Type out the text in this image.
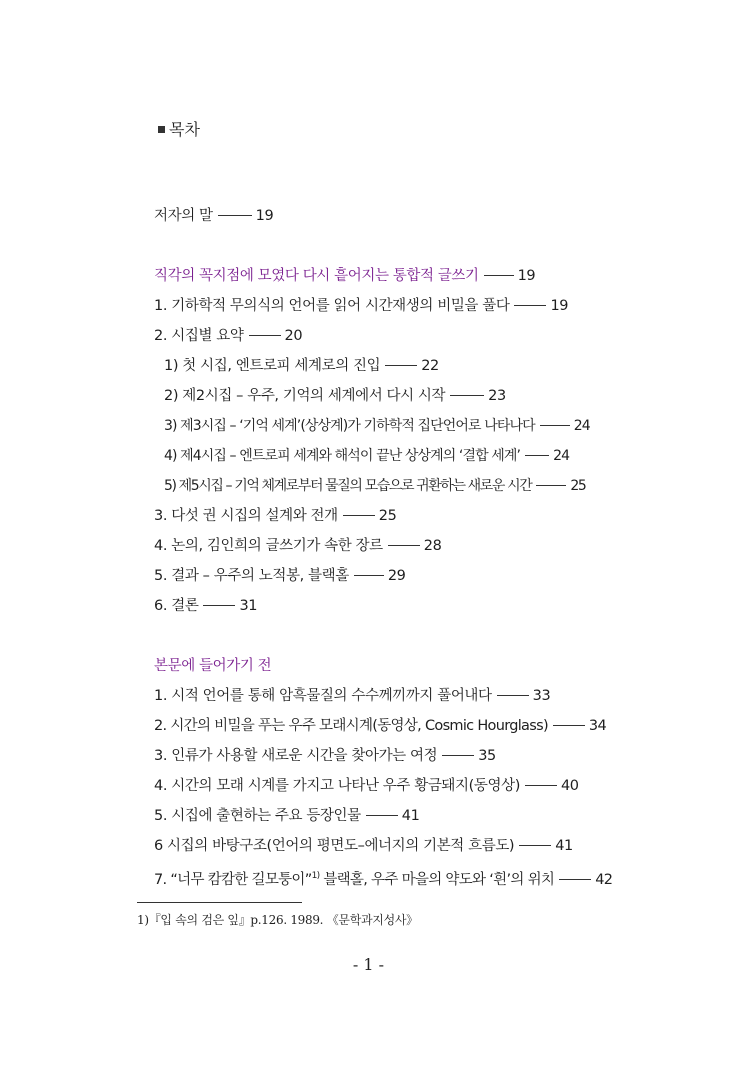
목차
저자의 말	19
직각의 꼭지점에 모였다 다시 흩어지는 통합적 글쓰기	19
1. 기하학적 무의식의 언어를 읽어 시간재생의 비밀을 풀다	19
2. 시집별 요약	20
1) 첫 시집, 엔트로피 세계로의 진입	22
2) 제2시집 – 우주, 기억의 세계에서 다시 시작	23
3) 제3시집 – ‘기억 세계’(상상계)가 기하학적 집단언어로 나타나다	24
4) 제4시집 – 엔트로피 세계와 해석이 끝난 상상계의 ‘결합 세계’ 24
5) 제5시집 – 기억 체계로부터 물질의 모습으로 귀환하는 새로운 시간	25
3. 다섯 권 시집의 설계와 전개	25
4. 논의, 김인희의 글쓰기가 속한 장르	28
5. 결과 – 우주의 노적봉, 블랙홀	29
6. 결론	31
본문에 들어가기 전
1. 시적 언어를 통해 암흑물질의 수수께끼까지 풀어내다	33
2. 시간의 비밀을 푸는 우주 모래시계(동영상, Cosmic Hourglass)	34
3. 인류가 사용할 새로운 시간을 찾아가는 여정	35
4. 시간의 모래 시계를 가지고 나타난 우주 황금돼지(동영상)	40
5. 시집에 출현하는 주요 등장인물	41
6 시집의 바탕구조(언어의 평면도–에너지의 기본적 흐름도)	41
7. “너무 캄캄한 길모퉁이”$^{1)}$ 블랙홀, 우주 마을의 약도와 ‘흰’의 위치	42
1)『입 속의 검은 잎』p.126. 1989. 《문학과지성사》
- 1 -
